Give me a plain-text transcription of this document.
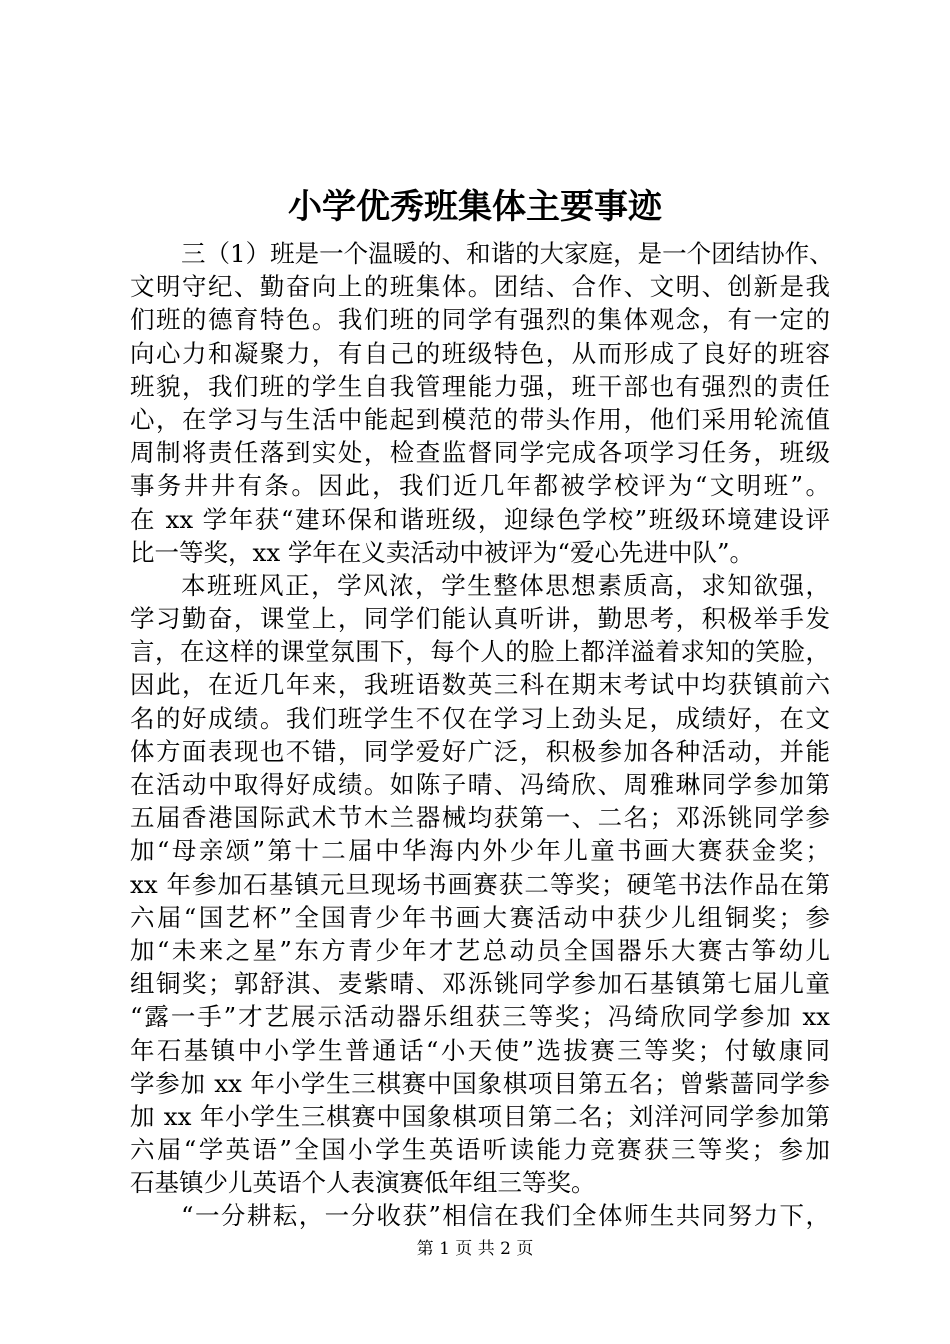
小学优秀班集体主要事迹
三（1）班是一个温暖的、和谐的大家庭，是一个团结协作、
文明守纪、勤奋向上的班集体。团结、合作、文明、创新是我
们班的德育特色。我们班的同学有强烈的集体观念，有一定的
向心力和凝聚力，有自己的班级特色，从而形成了良好的班容
班貌，我们班的学生自我管理能力强，班干部也有强烈的责任
心，在学习与生活中能起到模范的带头作用，他们采用轮流值
周制将责任落到实处，检查监督同学完成各项学习任务，班级
事务井井有条。因此，我们近几年都被学校评为“文明班”。
在 xx 学年获“建环保和谐班级，迎绿色学校”班级环境建设评
比一等奖，xx 学年在义卖活动中被评为“爱心先进中队”。
本班班风正，学风浓，学生整体思想素质高，求知欲强，
学习勤奋，课堂上，同学们能认真听讲，勤思考，积极举手发
言，在这样的课堂氛围下，每个人的脸上都洋溢着求知的笑脸，
因此，在近几年来，我班语数英三科在期末考试中均获镇前六
名的好成绩。我们班学生不仅在学习上劲头足，成绩好，在文
体方面表现也不错，同学爱好广泛，积极参加各种活动，并能
在活动中取得好成绩。如陈子晴、冯绮欣、周雅琳同学参加第
五届香港国际武术节木兰器械均获第一、二名；邓泺铫同学参
加“母亲颂”第十二届中华海内外少年儿童书画大赛获金奖；
xx 年参加石基镇元旦现场书画赛获二等奖；硬笔书法作品在第
六届“国艺杯”全国青少年书画大赛活动中获少儿组铜奖；参
加“未来之星”东方青少年才艺总动员全国器乐大赛古筝幼儿
组铜奖；郭舒淇、麦紫晴、邓泺铫同学参加石基镇第七届儿童
“露一手”才艺展示活动器乐组获三等奖；冯绮欣同学参加 xx
年石基镇中小学生普通话“小天使”选拔赛三等奖；付敏康同
学参加 xx 年小学生三棋赛中国象棋项目第五名；曾紫蔷同学参
加 xx 年小学生三棋赛中国象棋项目第二名；刘洋河同学参加第
六届“学英语”全国小学生英语听读能力竞赛获三等奖；参加
石基镇少儿英语个人表演赛低年组三等奖。
“一分耕耘，一分收获”相信在我们全体师生共同努力下，
第 1 页 共 2 页
